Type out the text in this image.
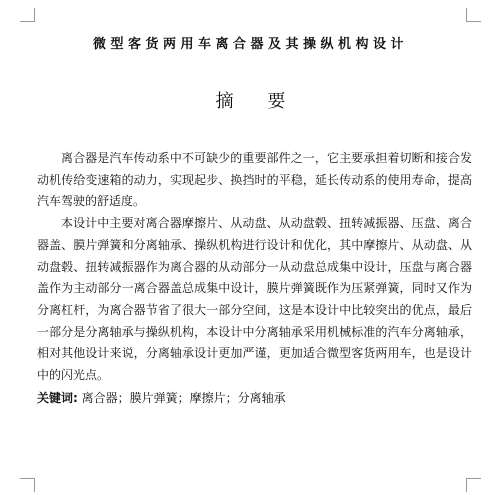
微型客货两用车离合器及其操纵机构设计
摘 要

离合器是汽车传动系中不可缺少的重要部件之一，它主要承担着切断和接合发动机传给变速箱的动力，实现起步、换挡时的平稳，延长传动系的使用寿命，提高汽车驾驶的舒适度。

本设计中主要对离合器摩擦片、从动盘、从动盘毂、扭转减振器、压盘、离合器盖、膜片弹簧和分离轴承、操纵机构进行设计和优化，其中摩擦片、从动盘、从动盘毂、扭转减振器作为离合器的从动部分一从动盘总成集中设计，压盘与离合器盖作为主动部分一离合器盖总成集中设计，膜片弹簧既作为压紧弹簧，同时又作为分离杠杆，为离合器节省了很大一部分空间，这是本设计中比较突出的优点，最后一部分是分离轴承与操纵机构，本设计中分离轴承采用机械标准的汽车分离轴承，相对其他设计来说，分离轴承设计更加严谨，更加适合微型客货两用车，也是设计中的闪光点。

关键词: 离合器；膜片弹簧；摩擦片；分离轴承
